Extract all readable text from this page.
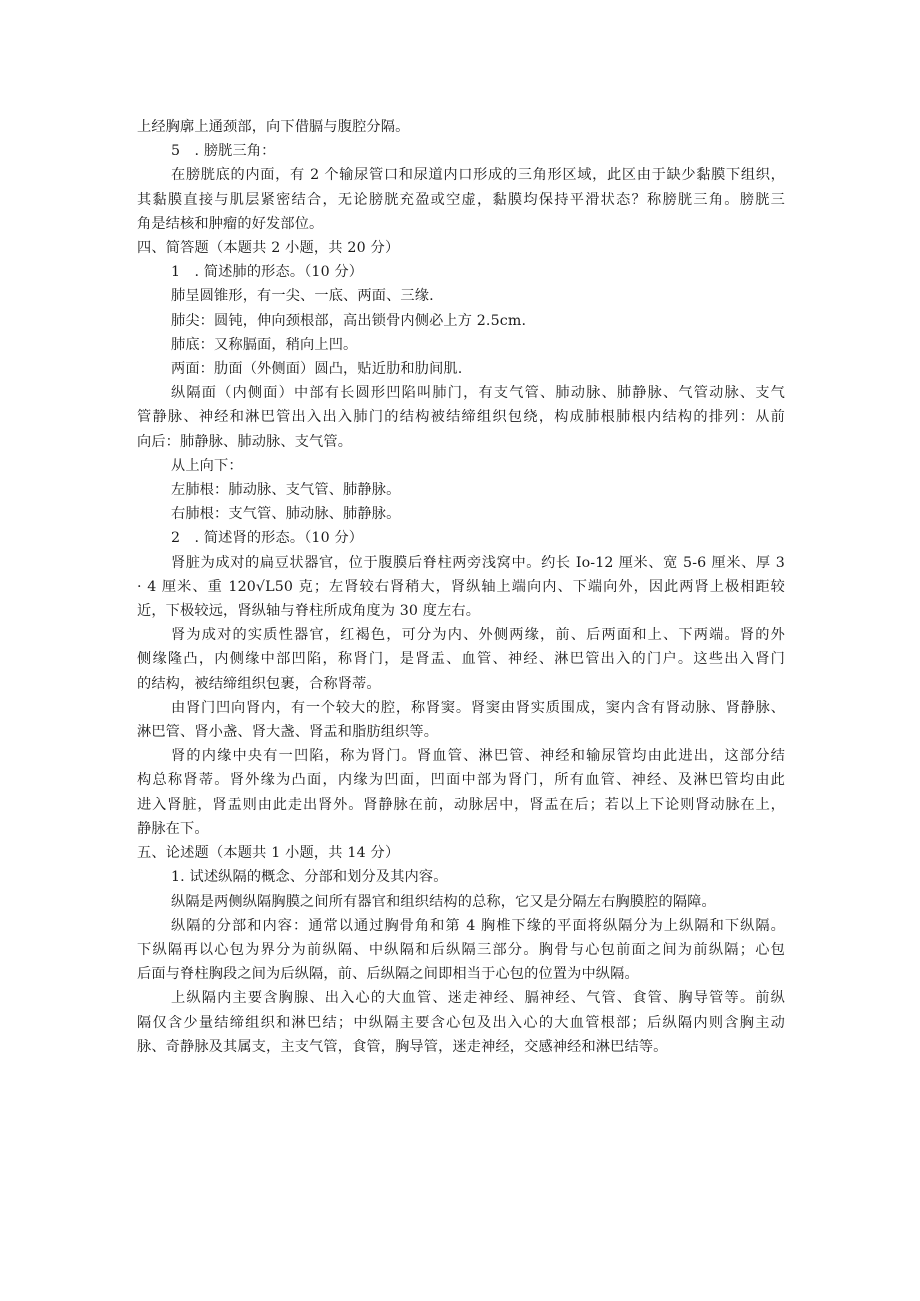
上经胸廓上通颈部，向下借膈与腹腔分隔。

5　. 膀胱三角：

在膀胱底的内面，有 2 个输尿管口和尿道内口形成的三角形区域，此区由于缺少黏膜下组织，

其黏膜直接与肌层紧密结合，无论膀胱充盈或空虚，黏膜均保持平滑状态？称膀胱三角。膀胱三

角是结核和肿瘤的好发部位。

四、简答题（本题共 2 小题，共 20 分）

1　. 简述肺的形态。（10 分）

肺呈圆锥形，有一尖、一底、两面、三缘.

肺尖：圆钝，伸向颈根部，高出锁骨内侧必上方 2.5cm.

肺底：又称膈面，稍向上凹。

两面：肋面（外侧面）圆凸，贴近肋和肋间肌.

纵隔面（内侧面）中部有长圆形凹陷叫肺门，有支气管、肺动脉、肺静脉、气管动脉、支气

管静脉、神经和淋巴管出入出入肺门的结构被结缔组织包绕，构成肺根肺根内结构的排列：从前

向后：肺静脉、肺动脉、支气管。

从上向下：

左肺根：肺动脉、支气管、肺静脉。

右肺根：支气管、肺动脉、肺静脉。

2　. 简述肾的形态。（10 分）

肾脏为成对的扁豆状器官，位于腹膜后脊柱两旁浅窝中。约长 Io-12 厘米、宽 5-6 厘米、厚 3

· 4 厘米、重 120√L50 克；左肾较右肾稍大，肾纵轴上端向内、下端向外，因此两肾上极相距较

近，下极较远，肾纵轴与脊柱所成角度为 30 度左右。

肾为成对的实质性器官，红褐色，可分为内、外侧两缘，前、后两面和上、下两端。肾的外

侧缘隆凸，内侧缘中部凹陷，称肾门，是肾盂、血管、神经、淋巴管出入的门户。这些出入肾门

的结构，被结缔组织包裹，合称肾蒂。

由肾门凹向肾内，有一个较大的腔，称肾窦。肾窦由肾实质围成，窦内含有肾动脉、肾静脉、

淋巴管、肾小盏、肾大盏、肾盂和脂肪组织等。

肾的内缘中央有一凹陷，称为肾门。肾血管、淋巴管、神经和输尿管均由此进出，这部分结

构总称肾蒂。肾外缘为凸面，内缘为凹面，凹面中部为肾门，所有血管、神经、及淋巴管均由此

进入肾脏，肾盂则由此走出肾外。肾静脉在前，动脉居中，肾盂在后；若以上下论则肾动脉在上，

静脉在下。

五、论述题（本题共 1 小题，共 14 分）

1. 试述纵隔的概念、分部和划分及其内容。

纵隔是两侧纵隔胸膜之间所有器官和组织结构的总称，它又是分隔左右胸膜腔的隔障。

纵隔的分部和内容：通常以通过胸骨角和第 4 胸椎下缘的平面将纵隔分为上纵隔和下纵隔。

下纵隔再以心包为界分为前纵隔、中纵隔和后纵隔三部分。胸骨与心包前面之间为前纵隔；心包

后面与脊柱胸段之间为后纵隔，前、后纵隔之间即相当于心包的位置为中纵隔。

上纵隔内主要含胸腺、出入心的大血管、迷走神经、膈神经、气管、食管、胸导管等。前纵

隔仅含少量结缔组织和淋巴结；中纵隔主要含心包及出入心的大血管根部；后纵隔内则含胸主动

脉、奇静脉及其属支，主支气管，食管，胸导管，迷走神经，交感神经和淋巴结等。
